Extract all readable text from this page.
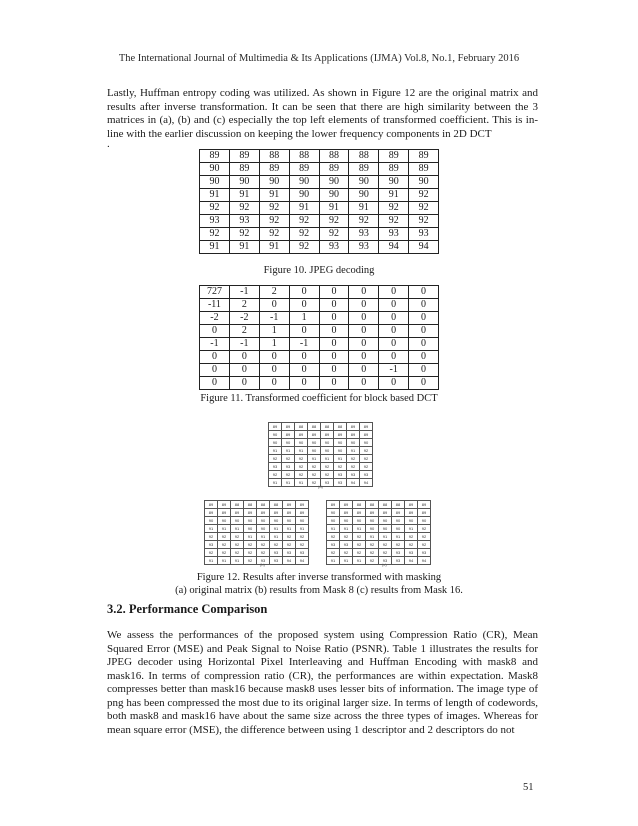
The International Journal of Multimedia & Its Applications (IJMA) Vol.8, No.1, February 2016
Lastly, Huffman entropy coding was utilized. As shown in Figure 12 are the original matrix and results after inverse transformation. It can be seen that there are high similarity between the 3 matrices in (a), (b) and (c) especially the top left elements of transformed coefficient. This is in-line with the earlier discussion on keeping the lower frequency components in 2D DCT
.
89	89	88	88	88	88	89	89
90	89	89	89	89	89	89	89
90	90	90	90	90	90	90	90
91	91	91	90	90	90	91	92
92	92	92	91	91	91	92	92
93	93	92	92	92	92	92	92
92	92	92	92	92	93	93	93
91	91	91	92	93	93	94	94
Figure 10. JPEG decoding
727	-1	2	0	0	0	0	0
-11	2	0	0	0	0	0	0
-2	-2	-1	1	0	0	0	0
0	2	1	0	0	0	0	0
-1	-1	1	-1	0	0	0	0
0	0	0	0	0	0	0	0
0	0	0	0	0	0	-1	0
0	0	0	0	0	0	0	0
Figure 11. Transformed coefficient for block based DCT
89	89	88	88	88	88	89	89
90	89	89	89	89	89	89	89
90	90	90	90	90	90	90	90
91	91	91	90	90	90	91	92
92	92	92	91	91	91	92	92
93	93	92	92	92	92	92	92
92	92	92	92	92	93	93	93
91	91	91	92	93	93	94	94
(a)
89	89	88	88	88	88	89	89
89	89	89	89	89	89	89	89
90	90	90	90	90	90	90	90
91	91	91	90	90	91	91	91
92	92	92	91	91	91	92	92
93	92	92	92	92	92	92	92
92	92	92	92	92	93	93	93
91	91	91	92	93	93	94	94
(b)
89	89	88	88	88	88	89	89
90	89	89	89	89	89	89	89
90	90	90	90	90	90	90	90
91	91	91	90	90	90	91	92
92	92	92	91	91	91	92	92
93	93	92	92	92	92	92	92
92	92	92	92	92	93	93	93
91	91	91	92	93	93	94	94
(c)
Figure 12. Results after inverse transformed with masking
(a) original matrix (b) results from Mask 8 (c) results from Mask 16.
3.2. Performance Comparison
We assess the performances of the proposed system using Compression Ratio (CR), Mean Squared Error (MSE) and Peak Signal to Noise Ratio (PSNR). Table 1 illustrates the results for JPEG decoder using Horizontal Pixel Interleaving and Huffman Encoding with mask8 and mask16. In terms of compression ratio (CR), the performances are within expectation. Mask8 compresses better than mask16 because mask8 uses lesser bits of information. The image type of png has been compressed the most due to its original larger size. In terms of length of codewords, both mask8 and mask16 have about the same size across the three types of images. Whereas for mean square error (MSE), the difference between using 1 descriptor and 2 descriptors do not
51
